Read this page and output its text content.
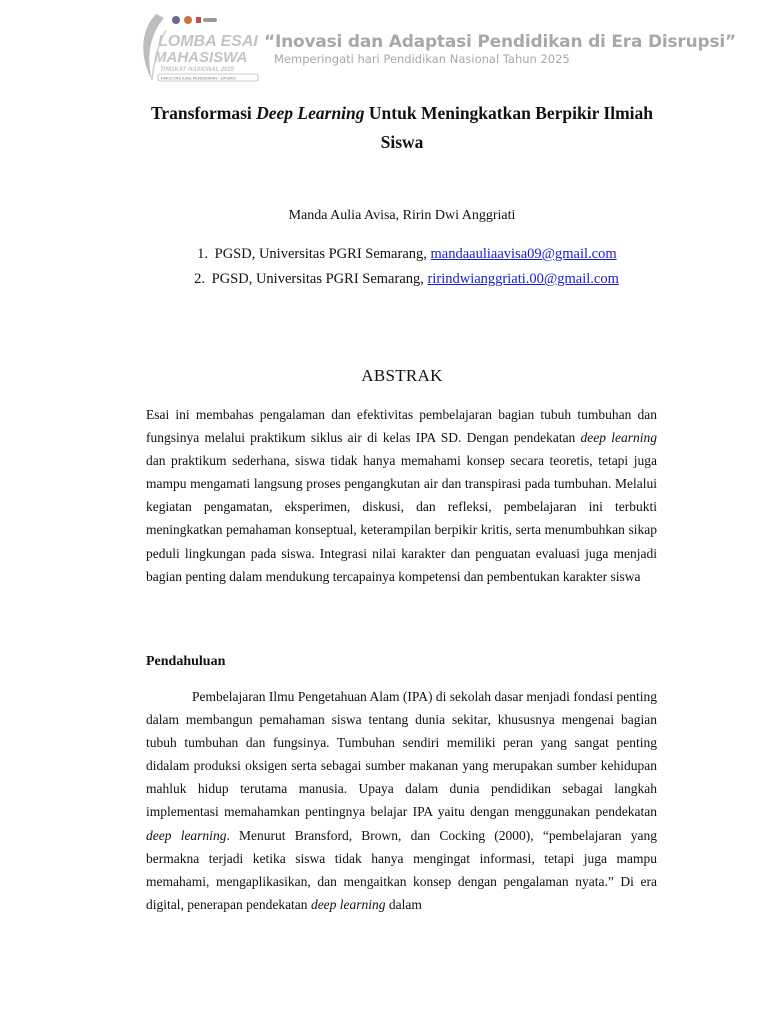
LOMBA ESAI
MAHASISWA
TINGKAT NASIONAL 2025
FAKULTAS ILMU PENDIDIKAN - UPGRIS
“Inovasi dan Adaptasi Pendidikan di Era Disrupsi”
Memperingati hari Pendidikan Nasional Tahun 2025
Transformasi Deep Learning Untuk Meningkatkan Berpikir Ilmiah Siswa
Manda Aulia Avisa, Ririn Dwi Anggriati
1. PGSD, Universitas PGRI Semarang, mandaauliaavisa09@gmail.com
2. PGSD, Universitas PGRI Semarang, ririndwianggriati.00@gmail.com
ABSTRAK
Esai ini membahas pengalaman dan efektivitas pembelajaran bagian tubuh tumbuhan dan fungsinya melalui praktikum siklus air di kelas IPA SD. Dengan pendekatan deep learning dan praktikum sederhana, siswa tidak hanya memahami konsep secara teoretis, tetapi juga mampu mengamati langsung proses pengangkutan air dan transpirasi pada tumbuhan. Melalui kegiatan pengamatan, eksperimen, diskusi, dan refleksi, pembelajaran ini terbukti meningkatkan pemahaman konseptual, keterampilan berpikir kritis, serta menumbuhkan sikap peduli lingkungan pada siswa. Integrasi nilai karakter dan penguatan evaluasi juga menjadi bagian penting dalam mendukung tercapainya kompetensi dan pembentukan karakter siswa
Pendahuluan
Pembelajaran Ilmu Pengetahuan Alam (IPA) di sekolah dasar menjadi fondasi penting dalam membangun pemahaman siswa tentang dunia sekitar, khususnya mengenai bagian tubuh tumbuhan dan fungsinya. Tumbuhan sendiri memiliki peran yang sangat penting didalam produksi oksigen serta sebagai sumber makanan yang merupakan sumber kehidupan mahluk hidup terutama manusia. Upaya dalam dunia pendidikan sebagai langkah implementasi memahamkan pentingnya belajar IPA yaitu dengan menggunakan pendekatan deep learning. Menurut Bransford, Brown, dan Cocking (2000), “pembelajaran yang bermakna terjadi ketika siswa tidak hanya mengingat informasi, tetapi juga mampu memahami, mengaplikasikan, dan mengaitkan konsep dengan pengalaman nyata.” Di era digital, penerapan pendekatan deep learning dalam
